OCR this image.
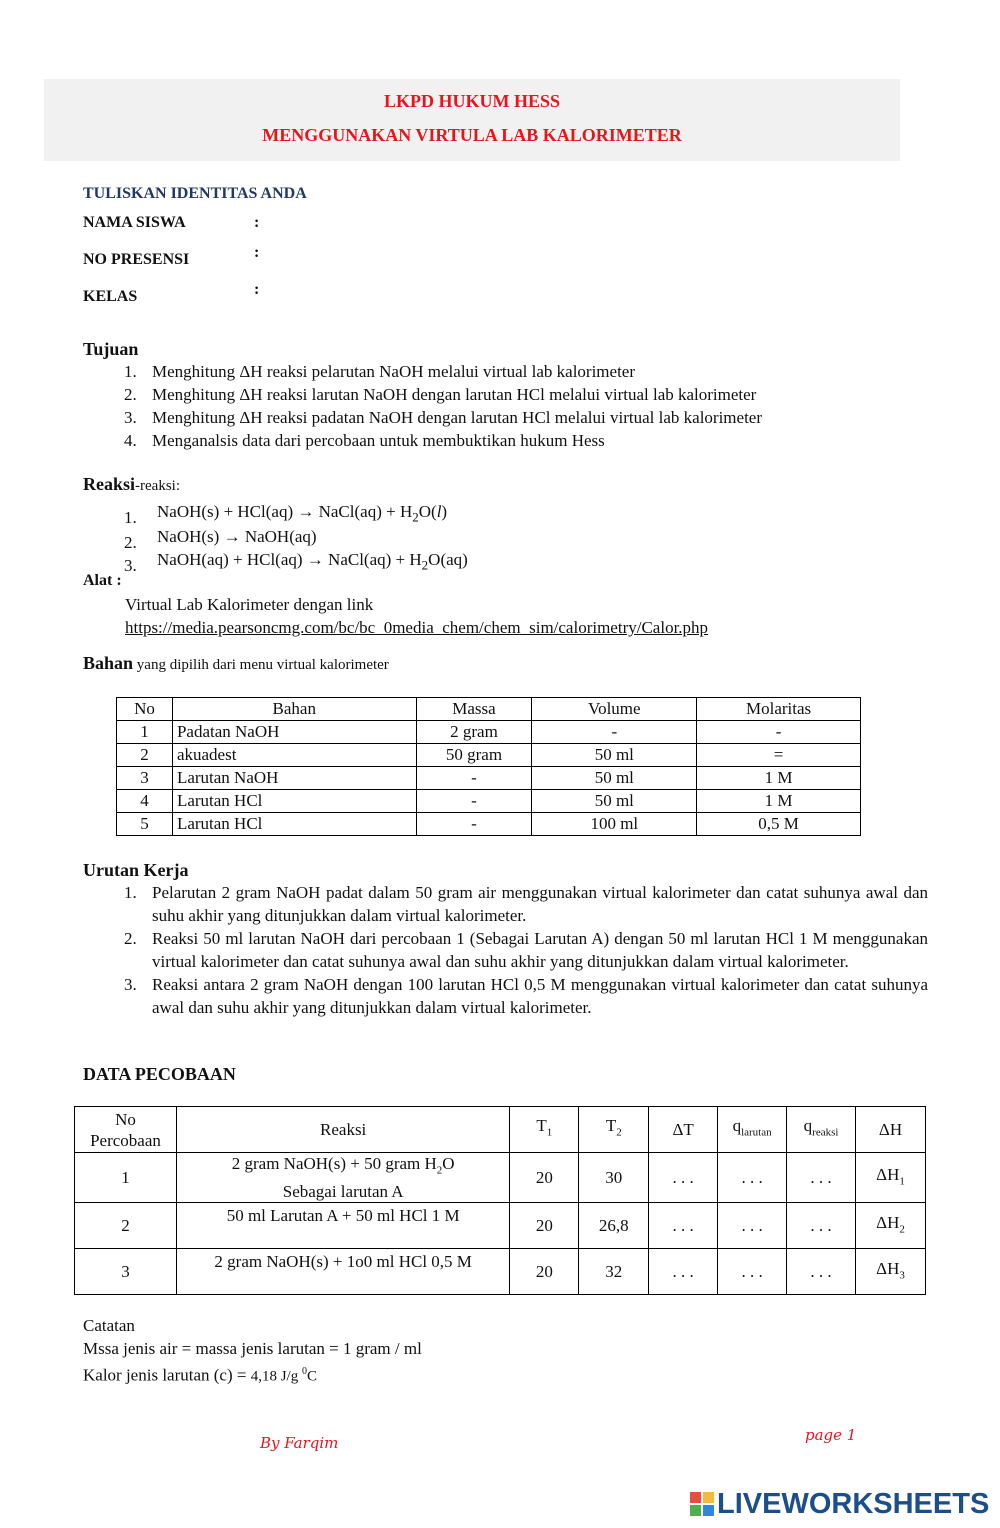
LKPD HUKUM HESS
MENGGUNAKAN VIRTULA LAB KALORIMETER
TULISKAN IDENTITAS ANDA
NAMA SISWA	:
NO PRESENSI	:
KELAS	:
Tujuan
1. Menghitung ΔH reaksi pelarutan NaOH melalui virtual lab kalorimeter
2. Menghitung ΔH reaksi larutan NaOH dengan larutan HCl melalui virtual lab kalorimeter
3. Menghitung ΔH reaksi padatan NaOH dengan larutan HCl melalui virtual lab kalorimeter
4. Menganalsis data dari percobaan untuk membuktikan hukum Hess
Reaksi-reaksi:
1. NaOH(s) + HCl(aq) → NaCl(aq) + $H_2O(l)$
2. NaOH(s) → NaOH(aq)
3. NaOH(aq) + HCl(aq) → NaCl(aq) + $H_2O(aq)$
Alat :
Virtual Lab Kalorimeter dengan link
https://media.pearsoncmg.com/bc/bc_0media_chem/chem_sim/calorimetry/Calor.php
Bahan yang dipilih dari menu virtual kalorimeter
No	Bahan	Massa	Volume	Molaritas
1	Padatan NaOH	2 gram	-	-
2	akuadest	50 gram	50 ml	=
3	Larutan NaOH	-	50 ml	1 M
4	Larutan HCl	-	50 ml	1 M
5	Larutan HCl	-	100 ml	0,5 M
Urutan Kerja
1. Pelarutan 2 gram NaOH padat dalam 50 gram air menggunakan virtual kalorimeter dan catat suhunya awal dan suhu akhir yang ditunjukkan dalam virtual kalorimeter.
2. Reaksi 50 ml larutan NaOH dari percobaan 1 (Sebagai Larutan A) dengan 50 ml larutan HCl 1 M menggunakan virtual kalorimeter dan catat suhunya awal dan suhu akhir yang ditunjukkan dalam virtual kalorimeter.
3. Reaksi antara 2 gram NaOH dengan 100 larutan HCl 0,5 M menggunakan virtual kalorimeter dan catat suhunya awal dan suhu akhir yang ditunjukkan dalam virtual kalorimeter.
DATA PECOBAAN
No
Percobaan	Reaksi	$T_1$	$T_2$	ΔT	$q_{larutan}$	$q_{reaksi}$	ΔH
1	2 gram NaOH(s) + 50 gram $H_2O$
Sebagai larutan A	20	30	. . .	. . .	. . .	$\Delta H_1$
2	50 ml Larutan A + 50 ml HCl 1 M	20	26,8	. . .	. . .	. . .	$\Delta H_2$
3	2 gram NaOH(s) + 1o0 ml HCl 0,5 M	20	32	. . .	. . .	. . .	$\Delta H_3$
Catatan
Mssa jenis air = massa jenis larutan = 1 gram / ml
Kalor jenis larutan (c) = 4,18 J/g $^0$C
By Farqim	page 1
LIVEWORKSHEETS
